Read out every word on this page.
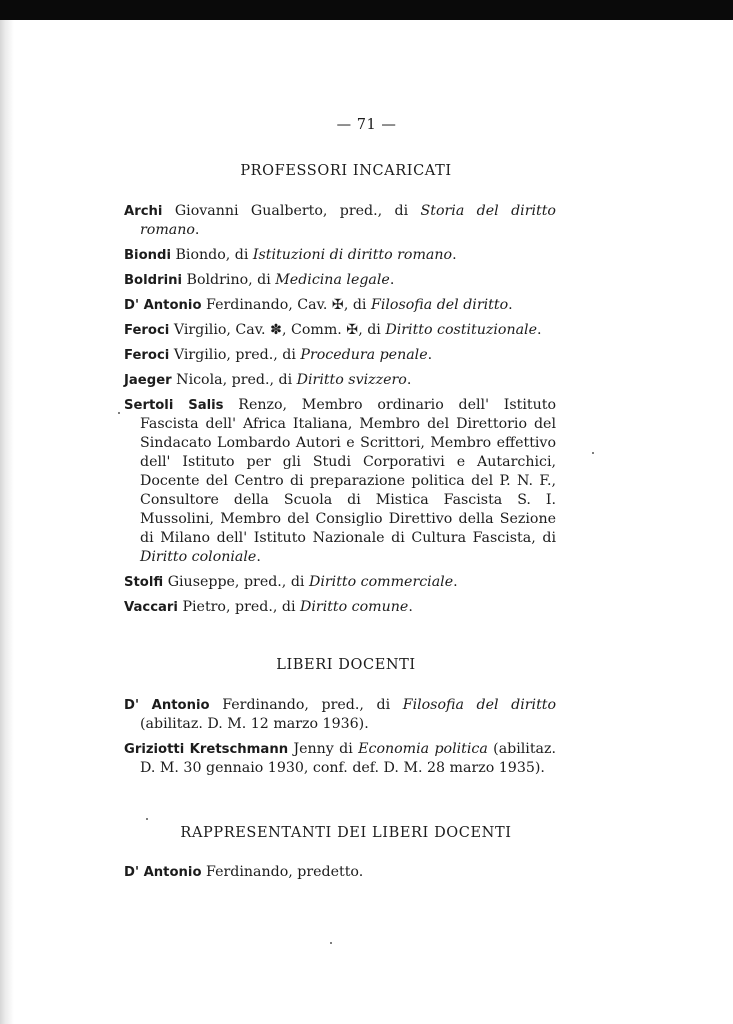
— 71 —
PROFESSORI INCARICATI
Archi Giovanni Gualberto, pred., di Storia del diritto romano.
Biondi Biondo, di Istituzioni di diritto romano.
Boldrini Boldrino, di Medicina legale.
D' Antonio Ferdinando, Cav. ✠, di Filosofia del diritto.
Feroci Virgilio, Cav. ✽, Comm. ✠, di Diritto costituzionale.
Feroci Virgilio, pred., di Procedura penale.
Jaeger Nicola, pred., di Diritto svizzero.
Sertoli Salis Renzo, Membro ordinario dell' Istituto Fascista dell' Africa Italiana, Membro del Direttorio del Sindacato Lombardo Autori e Scrittori, Membro effettivo dell' Istituto per gli Studi Corporativi e Autarchici, Docente del Centro di preparazione politica del P. N. F., Consultore della Scuola di Mistica Fascista S. I. Mussolini, Membro del Consiglio Direttivo della Sezione di Milano dell' Istituto Nazionale di Cultura Fascista, di Diritto coloniale.
Stolfi Giuseppe, pred., di Diritto commerciale.
Vaccari Pietro, pred., di Diritto comune.
LIBERI DOCENTI
D' Antonio Ferdinando, pred., di Filosofia del diritto (abilitaz. D. M. 12 marzo 1936).
Griziotti Kretschmann Jenny di Economia politica (abilitaz. D. M. 30 gennaio 1930, conf. def. D. M. 28 marzo 1935).
RAPPRESENTANTI DEI LIBERI DOCENTI
D' Antonio Ferdinando, predetto.
